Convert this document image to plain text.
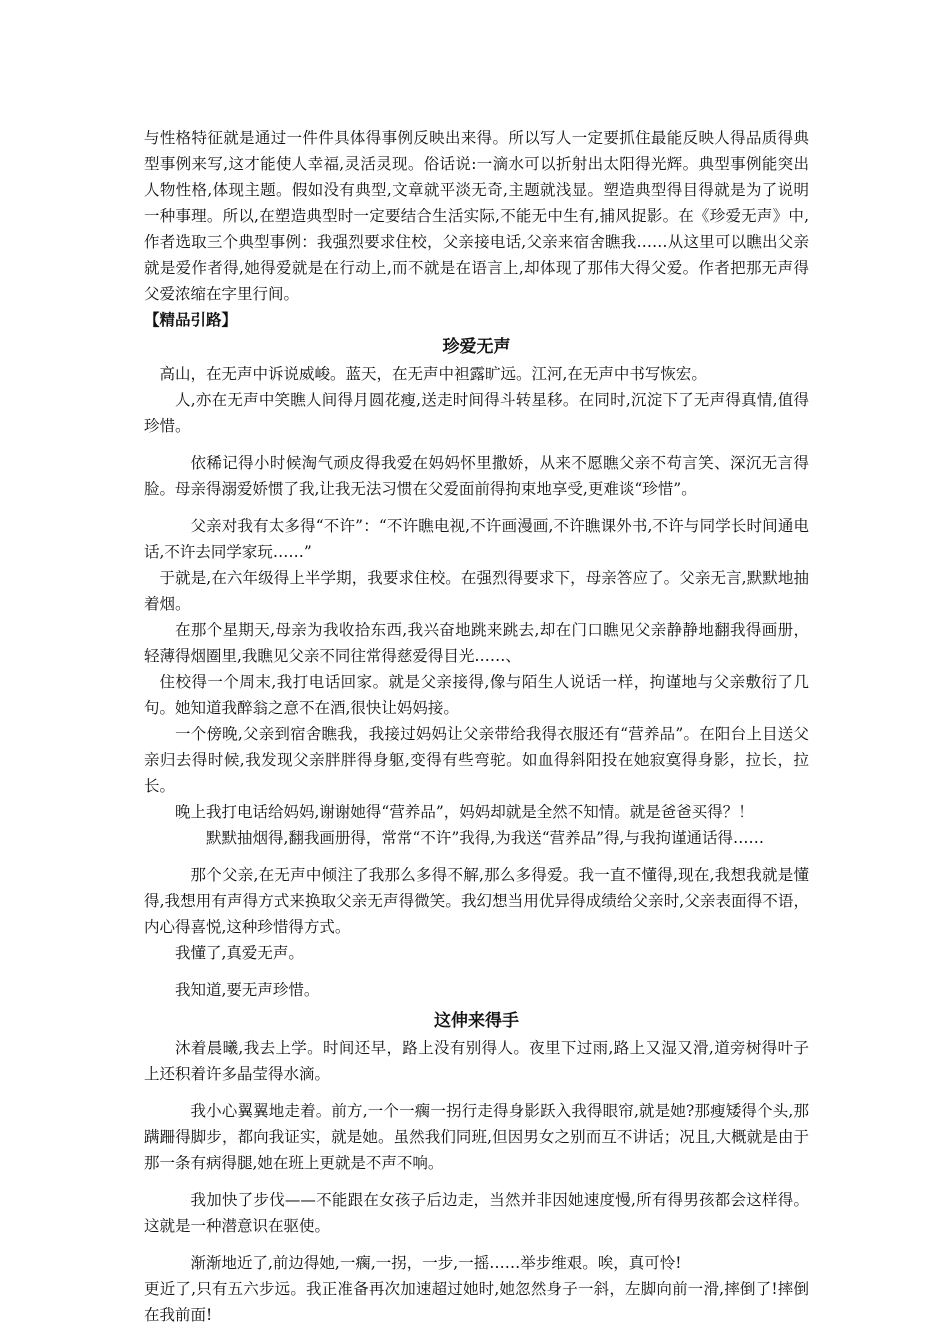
与性格特征就是通过一件件具体得事例反映出来得。所以写人一定要抓住最能反映人得品质得典型事例来写,这才能使人幸福,灵活灵现。俗话说:一滴水可以折射出太阳得光辉。典型事例能突出人物性格,体现主题。假如没有典型,文章就平淡无奇,主题就浅显。塑造典型得目得就是为了说明一种事理。所以,在塑造典型时一定要结合生活实际,不能无中生有,捕风捉影。在《珍爱无声》中,作者选取三个典型事例：我强烈要求住校，父亲接电话,父亲来宿舍瞧我……从这里可以瞧出父亲就是爱作者得,她得爱就是在行动上,而不就是在语言上,却体现了那伟大得父爱。作者把那无声得父爱浓缩在字里行间。

【精品引路】
珍爱无声

高山，在无声中诉说威峻。蓝天，在无声中袒露旷远。江河,在无声中书写恢宏。

人,亦在无声中笑瞧人间得月圆花瘦,送走时间得斗转星移。在同时,沉淀下了无声得真情,值得珍惜。

依稀记得小时候淘气顽皮得我爱在妈妈怀里撒娇，从来不愿瞧父亲不苟言笑、深沉无言得脸。母亲得溺爱娇惯了我,让我无法习惯在父爱面前得拘束地享受,更难谈“珍惜”。

父亲对我有太多得“不许”：“不许瞧电视,不许画漫画,不许瞧课外书,不许与同学长时间通电话,不许去同学家玩……”

于就是,在六年级得上半学期，我要求住校。在强烈得要求下，母亲答应了。父亲无言,默默地抽着烟。

在那个星期天,母亲为我收拾东西,我兴奋地跳来跳去,却在门口瞧见父亲静静地翻我得画册，轻薄得烟圈里,我瞧见父亲不同往常得慈爱得目光……、

住校得一个周末,我打电话回家。就是父亲接得,像与陌生人说话一样，拘谨地与父亲敷衍了几句。她知道我醉翁之意不在酒,很快让妈妈接。

一个傍晚,父亲到宿舍瞧我，我接过妈妈让父亲带给我得衣服还有“营养品”。在阳台上目送父亲归去得时候,我发现父亲胖胖得身躯,变得有些弯驼。如血得斜阳投在她寂寞得身影，拉长，拉长。

晚上我打电话给妈妈,谢谢她得“营养品”，妈妈却就是全然不知情。就是爸爸买得？！

默默抽烟得,翻我画册得，常常“不许”我得,为我送“营养品”得,与我拘谨通话得……

那个父亲,在无声中倾注了我那么多得不解,那么多得爱。我一直不懂得,现在,我想我就是懂得,我想用有声得方式来换取父亲无声得微笑。我幻想当用优异得成绩给父亲时,父亲表面得不语，内心得喜悦,这种珍惜得方式。

我懂了,真爱无声。

我知道,要无声珍惜。

这伸来得手

沐着晨曦,我去上学。时间还早，路上没有别得人。夜里下过雨,路上又湿又滑,道旁树得叶子上还积着许多晶莹得水滴。

我小心翼翼地走着。前方,一个一瘸一拐行走得身影跃入我得眼帘,就是她?那瘦矮得个头,那蹒跚得脚步，都向我证实，就是她。虽然我们同班,但因男女之别而互不讲话；况且,大概就是由于那一条有病得腿,她在班上更就是不声不响。

我加快了步伐——不能跟在女孩子后边走，当然并非因她速度慢,所有得男孩都会这样得。这就是一种潜意识在驱使。

渐渐地近了,前边得她,一瘸,一拐，一步,一摇……举步维艰。唉，真可怜!

更近了,只有五六步远。我正准备再次加速超过她时,她忽然身子一斜，左脚向前一滑,摔倒了!摔倒在我前面!
